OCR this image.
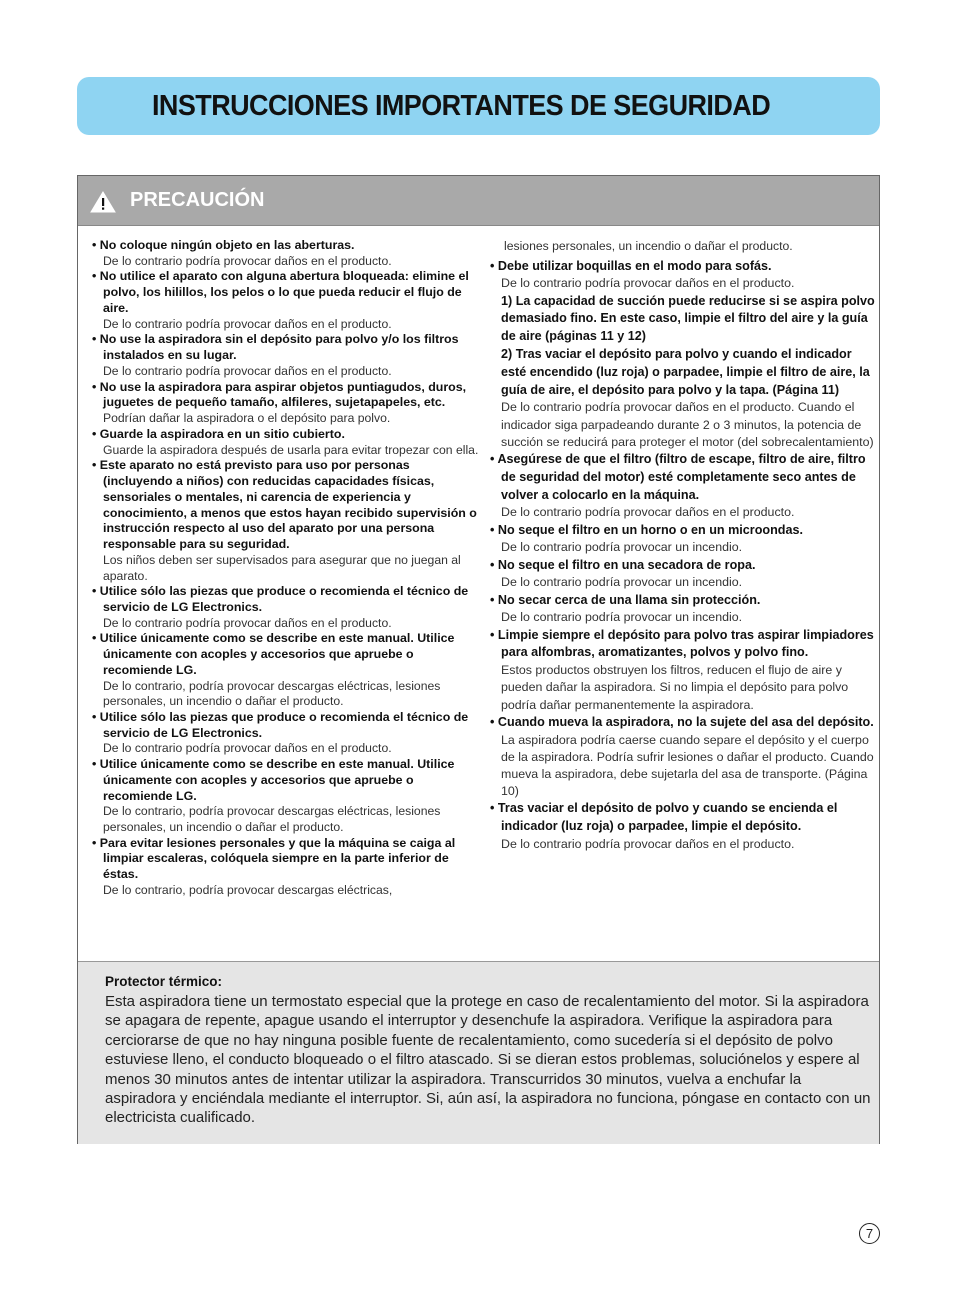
INSTRUCCIONES IMPORTANTES DE SEGURIDAD
PRECAUCIÓN
• No coloque ningún objeto en las aberturas.
De lo contrario podría provocar daños en el producto.
• No utilice el aparato con alguna abertura bloqueada: elimine el polvo, los hilillos, los pelos o lo que pueda reducir el flujo de aire.
De lo contrario podría provocar daños en el producto.
• No use la aspiradora sin el depósito para polvo y/o los filtros instalados en su lugar.
De lo contrario podría provocar daños en el producto.
• No use la aspiradora para aspirar objetos puntiagudos, duros, juguetes de pequeño tamaño, alfileres, sujetapapeles, etc.
Podrían dañar la aspiradora o el depósito para polvo.
• Guarde la aspiradora en un sitio cubierto.
Guarde la aspiradora después de usarla para evitar tropezar con ella.
• Este aparato no está previsto para uso por personas (incluyendo a niños) con reducidas capacidades físicas, sensoriales o mentales, ni carencia de experiencia y conocimiento, a menos que estos hayan recibido supervisión o instrucción respecto al uso del aparato por una persona responsable para su seguridad.
Los niños deben ser supervisados para asegurar que no juegan al aparato.
• Utilice sólo las piezas que produce o recomienda el técnico de servicio de LG Electronics.
De lo contrario podría provocar daños en el producto.
• Utilice únicamente como se describe en este manual. Utilice únicamente con acoples y accesorios que apruebe o recomiende LG.
De lo contrario, podría provocar descargas eléctricas, lesiones personales, un incendio o dañar el producto.
• Utilice sólo las piezas que produce o recomienda el técnico de servicio de LG Electronics.
De lo contrario podría provocar daños en el producto.
• Utilice únicamente como se describe en este manual. Utilice únicamente con acoples y accesorios que apruebe o recomiende LG.
De lo contrario, podría provocar descargas eléctricas, lesiones personales, un incendio o dañar el producto.
• Para evitar lesiones personales y que la máquina se caiga al limpiar escaleras, colóquela siempre en la parte inferior de éstas.
De lo contrario, podría provocar descargas eléctricas,
lesiones personales, un incendio o dañar el producto.
• Debe utilizar boquillas en el modo para sofás.
De lo contrario podría provocar daños en el producto.
1) La capacidad de succión puede reducirse si se aspira polvo demasiado fino. En este caso, limpie el filtro del aire y la guía de aire (páginas 11 y 12)
2) Tras vaciar el depósito para polvo y cuando el indicador esté encendido (luz roja) o parpadee, limpie el filtro de aire, la guía de aire, el depósito para polvo y la tapa. (Página 11)
De lo contrario podría provocar daños en el producto. Cuando el indicador siga parpadeando durante 2 o 3 minutos, la potencia de succión se reducirá para proteger el motor (del sobrecalentamiento)
• Asegúrese de que el filtro (filtro de escape, filtro de aire, filtro de seguridad del motor) esté completamente seco antes de volver a colocarlo en la máquina.
De lo contrario podría provocar daños en el producto.
• No seque el filtro en un horno o en un microondas.
De lo contrario podría provocar un incendio.
• No seque el filtro en una secadora de ropa.
De lo contrario podría provocar un incendio.
• No secar cerca de una llama sin protección.
De lo contrario podría provocar un incendio.
• Limpie siempre el depósito para polvo tras aspirar limpiadores para alfombras, aromatizantes, polvos y polvo fino.
Estos productos obstruyen los filtros, reducen el flujo de aire y pueden dañar la aspiradora. Si no limpia el depósito para polvo podría dañar permanentemente la aspiradora.
• Cuando mueva la aspiradora, no la sujete del asa del depósito.
La aspiradora podría caerse cuando separe el depósito y el cuerpo de la aspiradora. Podría sufrir lesiones o dañar el producto. Cuando mueva la aspiradora, debe sujetarla del asa de transporte. (Página 10)
• Tras vaciar el depósito de polvo y cuando se encienda el indicador (luz roja) o parpadee, limpie el depósito.
De lo contrario podría provocar daños en el producto.
Protector térmico:
Esta aspiradora tiene un termostato especial que la protege en caso de recalentamiento del motor. Si la aspiradora se apagara de repente, apague usando el interruptor y desenchufe la aspiradora. Verifique la aspiradora para cerciorarse de que no hay ninguna posible fuente de recalentamiento, como sucedería si el depósito de polvo estuviese lleno, el conducto bloqueado o el filtro atascado. Si se dieran estos problemas, soluciónelos y espere al menos 30 minutos antes de intentar utilizar la aspiradora. Transcurridos 30 minutos, vuelva a enchufar la aspiradora y enciéndala mediante el interruptor. Si, aún así, la aspiradora no funciona, póngase en contacto con un electricista cualificado.
7
